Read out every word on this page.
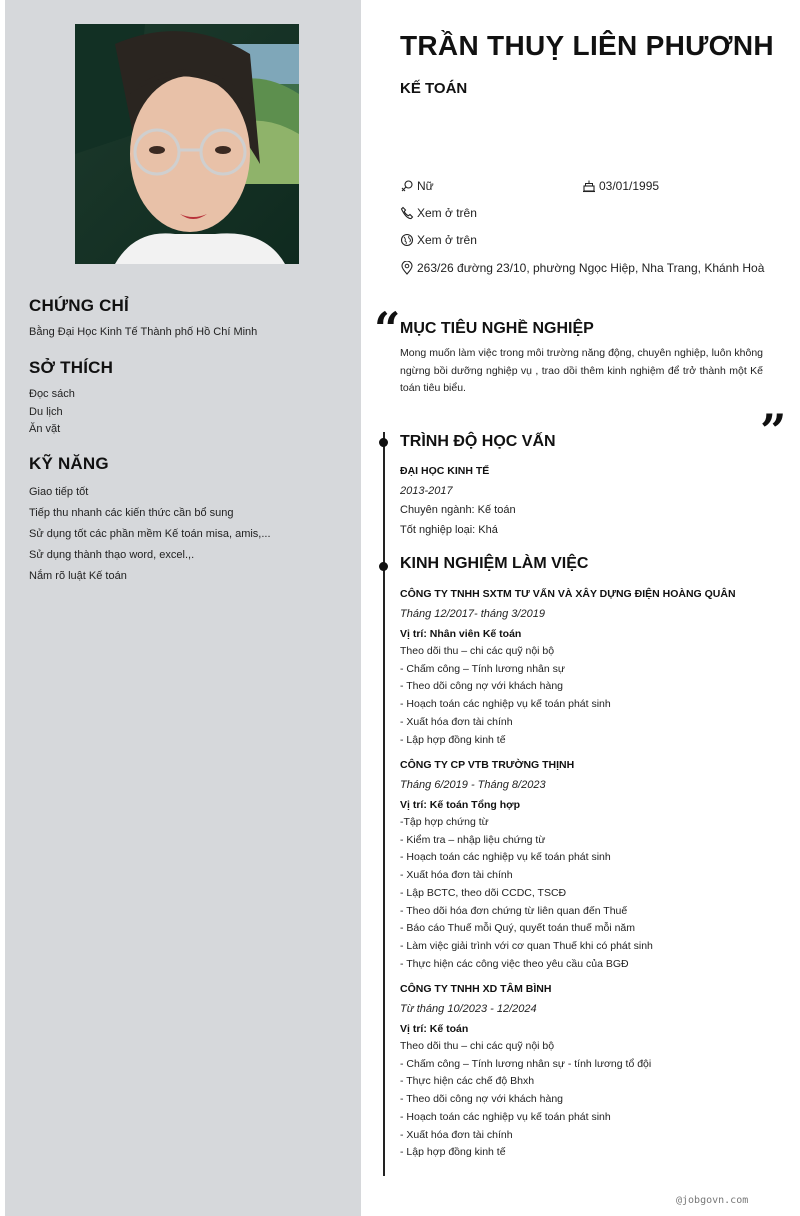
CHỨNG CHỈ
Bằng Đại Học Kinh Tế Thành phố Hồ Chí Minh
SỞ THÍCH
Đọc sách
Du lịch
Ăn vặt
KỸ NĂNG
Giao tiếp tốt
Tiếp thu nhanh các kiến thức cần bổ sung
Sử dụng tốt các phần mềm Kế toán misa, amis,...
Sử dụng thành thạo word, excel.,.
Nắm rõ luật Kế toán
TRẦN THUỴ LIÊN PHƯƠNH
KẾ TOÁN
Nữ	03/01/1995
Xem ở trên
Xem ở trên
263/26 đường 23/10, phường Ngọc Hiệp, Nha Trang, Khánh Hoà
“ MỤC TIÊU NGHỀ NGHIỆP
Mong muốn làm việc trong môi trường năng động, chuyên nghiệp, luôn không ngừng bồi dưỡng nghiệp vụ , trao dồi thêm kinh nghiệm để trở thành một Kế toán tiêu biểu.
”
TRÌNH ĐỘ HỌC VẤN
ĐẠI HỌC KINH TẾ
2013-2017
Chuyên ngành: Kế toán
Tốt nghiệp loại: Khá
KINH NGHIỆM LÀM VIỆC
CÔNG TY TNHH SXTM TƯ VẤN VÀ XÂY DỰNG ĐIỆN HOÀNG QUÂN
Tháng 12/2017- tháng 3/2019
Vị trí: Nhân viên Kế toán
Theo dõi thu – chi các quỹ nội bộ
- Chấm công – Tính lương nhân sự
- Theo dõi công nợ với khách hàng
- Hoạch toán các nghiệp vụ kế toán phát sinh
- Xuất hóa đơn tài chính
- Lập hợp đồng kinh tế
CÔNG TY CP VTB TRƯỜNG THỊNH
Tháng 6/2019 - Tháng 8/2023
Vị trí: Kế toán Tổng hợp
-Tập hợp chứng từ
- Kiểm tra – nhập liệu chứng từ
- Hoạch toán các nghiệp vụ kế toán phát sinh
- Xuất hóa đơn tài chính
- Lập BCTC, theo dõi CCDC, TSCĐ
- Theo dõi hóa đơn chứng từ liên quan đến Thuế
- Báo cáo Thuế mỗi Quý, quyết toán thuế mỗi năm
- Làm việc giải trình với cơ quan Thuế khi có phát sinh
- Thực hiện các công việc theo yêu cầu của BGĐ
CÔNG TY TNHH XD TÂM BÌNH
Từ tháng 10/2023 - 12/2024
Vị trí: Kế toán
Theo dõi thu – chi các quỹ nội bộ
- Chấm công – Tính lương nhân sự - tính lương tổ đội
- Thực hiện các chế độ Bhxh
- Theo dõi công nợ với khách hàng
- Hoạch toán các nghiệp vụ kế toán phát sinh
- Xuất hóa đơn tài chính
- Lập hợp đồng kinh tế
@jobgovn.com
